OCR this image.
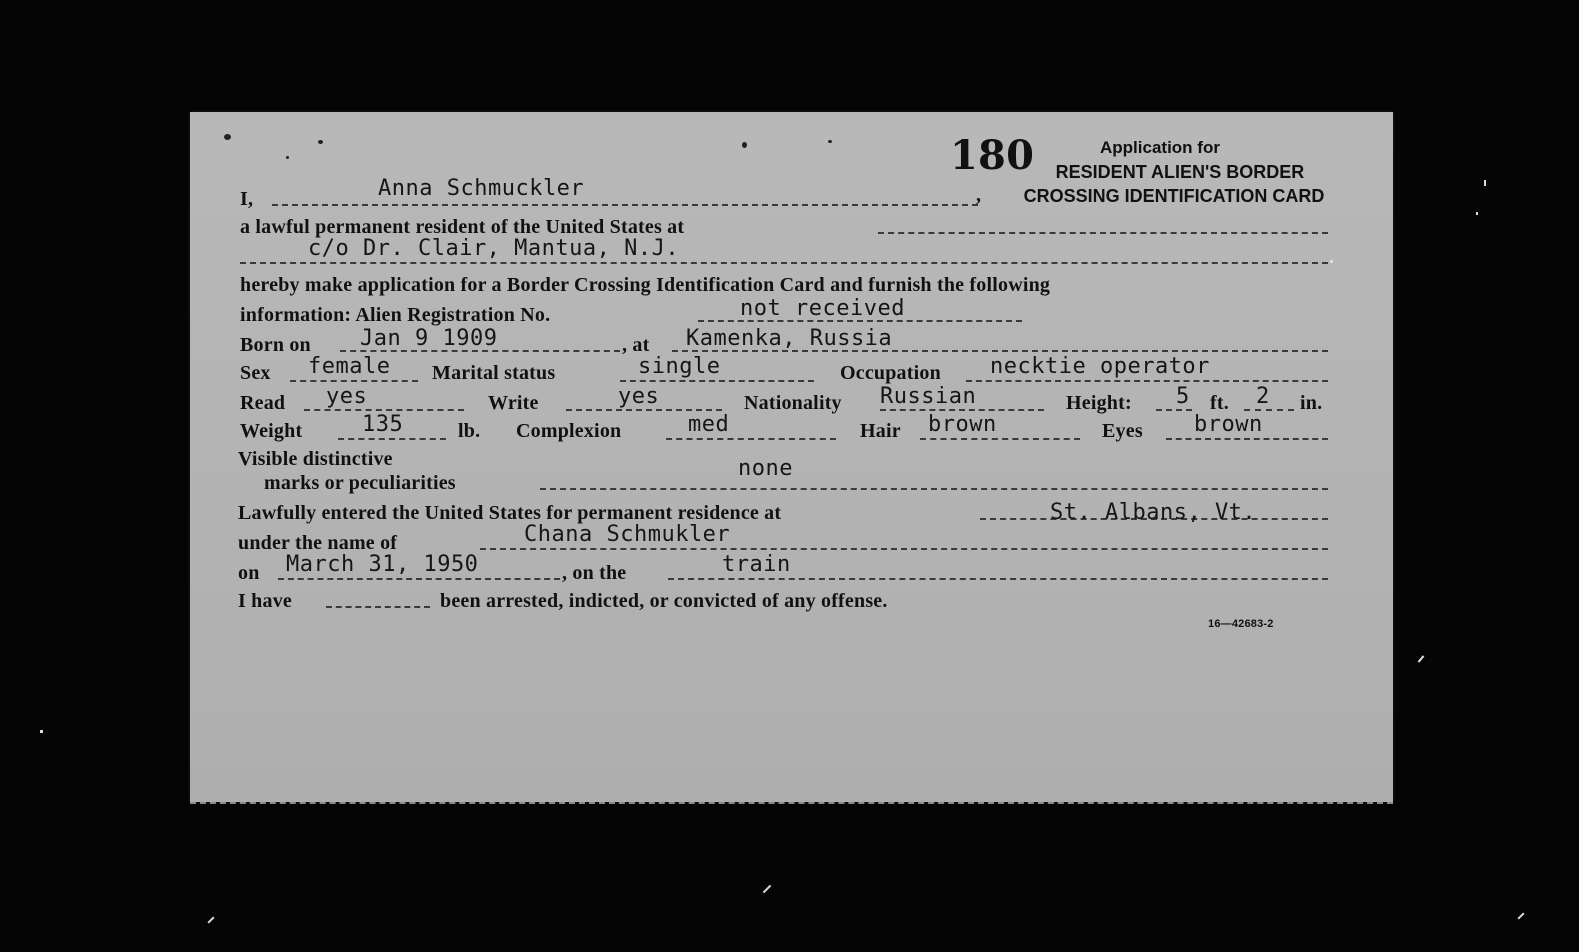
180	Application for
RESIDENT ALIEN'S BORDER
CROSSING IDENTIFICATION CARD
I,	,
Anna Schmuckler
a lawful permanent resident of the United States at
c/o Dr. Clair, Mantua, N.J.
hereby make application for a Border Crossing Identification Card and furnish the following
information: Alien Registration No.	not received
Born on Jan 9 1909	, at Kamenka, Russia
Sex female Marital status	single	Occupation necktie operator
Read yes	Write	yes	Nationality Russian	Height: 5 ft. 2 in.
Weight	135	lb. Complexion	med	Hair brown	Eyes brown
Visible distinctive
marks or peculiarities
none
Lawfully entered the United States for permanent residence at	St. Albans, Vt.
under the name of	Chana Schmukler
on March 31, 1950	, on the	train
I have	been arrested, indicted, or convicted of any offense.
16—42683-2
